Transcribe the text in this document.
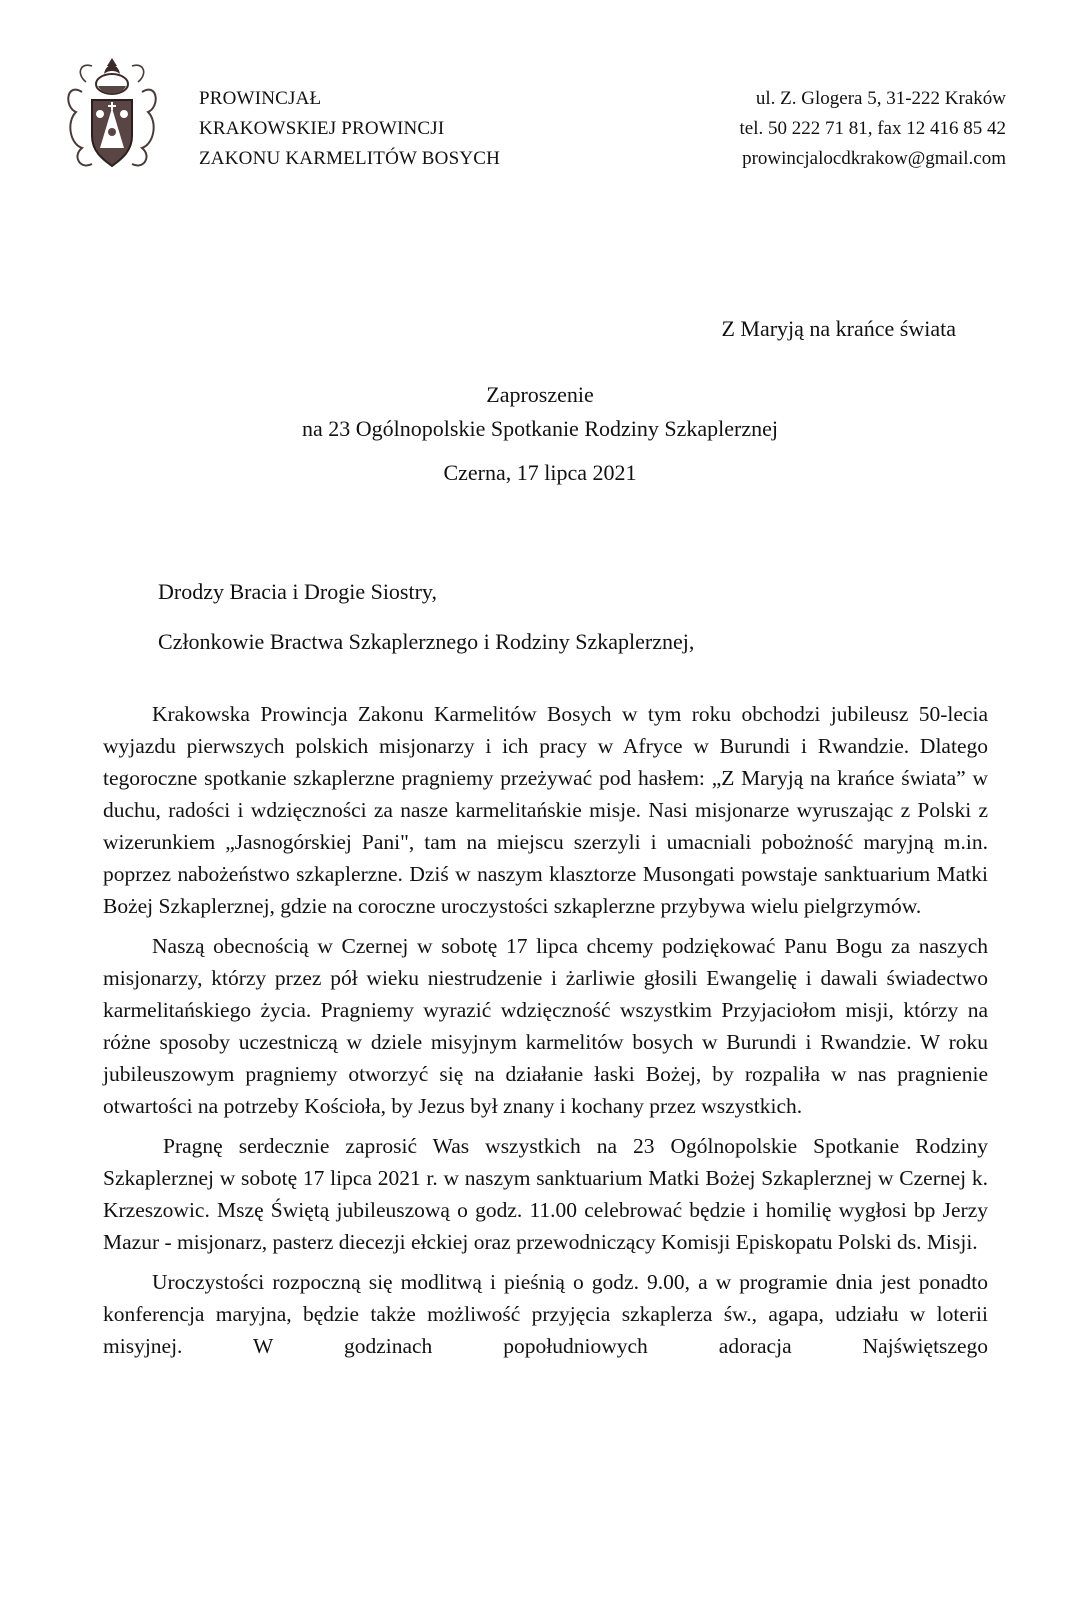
PROWINCJAŁ
KRAKOWSKIEJ PROWINCJI
ZAKONU KARMELITÓW BOSYCH
ul. Z. Glogera 5, 31-222 Kraków
tel. 50 222 71 81, fax 12 416 85 42
prowincjalocdkrakow@gmail.com
Z Maryją na krańce świata
Zaproszenie
na 23 Ogólnopolskie Spotkanie Rodziny Szkaplerznej
Czerna, 17 lipca 2021
Drodzy Bracia i Drogie Siostry,
Członkowie Bractwa Szkaplerznego i Rodziny Szkaplerznej,

Krakowska Prowincja Zakonu Karmelitów Bosych w tym roku obchodzi jubileusz 50-lecia wyjazdu pierwszych polskich misjonarzy i ich pracy w Afryce w Burundi i Rwandzie. Dlatego tegoroczne spotkanie szkaplerzne pragniemy przeżywać pod hasłem: „Z Maryją na krańce świata” w duchu, radości i wdzięczności za nasze karmelitańskie misje. Nasi misjonarze wyruszając z Polski z wizerunkiem „Jasnogórskiej Pani", tam na miejscu szerzyli i umacniali pobożność maryjną m.in. poprzez nabożeństwo szkaplerzne. Dziś w naszym klasztorze Musongati powstaje sanktuarium Matki Bożej Szkaplerznej, gdzie na coroczne uroczystości szkaplerzne przybywa wielu pielgrzymów.

Naszą obecnością w Czernej w sobotę 17 lipca chcemy podziękować Panu Bogu za naszych misjonarzy, którzy przez pół wieku niestrudzenie i żarliwie głosili Ewangelię i dawali świadectwo karmelitańskiego życia. Pragniemy wyrazić wdzięczność wszystkim Przyjaciołom misji, którzy na różne sposoby uczestniczą w dziele misyjnym karmelitów bosych w Burundi i Rwandzie. W roku jubileuszowym pragniemy otworzyć się na działanie łaski Bożej, by rozpaliła w nas pragnienie otwartości na potrzeby Kościoła, by Jezus był znany i kochany przez wszystkich.

Pragnę serdecznie zaprosić Was wszystkich na 23 Ogólnopolskie Spotkanie Rodziny Szkaplerznej w sobotę 17 lipca 2021 r. w naszym sanktuarium Matki Bożej Szkaplerznej w Czernej k. Krzeszowic. Mszę Świętą jubileuszową o godz. 11.00 celebrować będzie i homilię wygłosi bp Jerzy Mazur - misjonarz, pasterz diecezji ełckiej oraz przewodniczący Komisji Episkopatu Polski ds. Misji.

Uroczystości rozpoczną się modlitwą i pieśnią o godz. 9.00, a w programie dnia jest ponadto konferencja maryjna, będzie także możliwość przyjęcia szkaplerza św., agapa, udziału w loterii misyjnej. W godzinach popołudniowych adoracja Najświętszego
